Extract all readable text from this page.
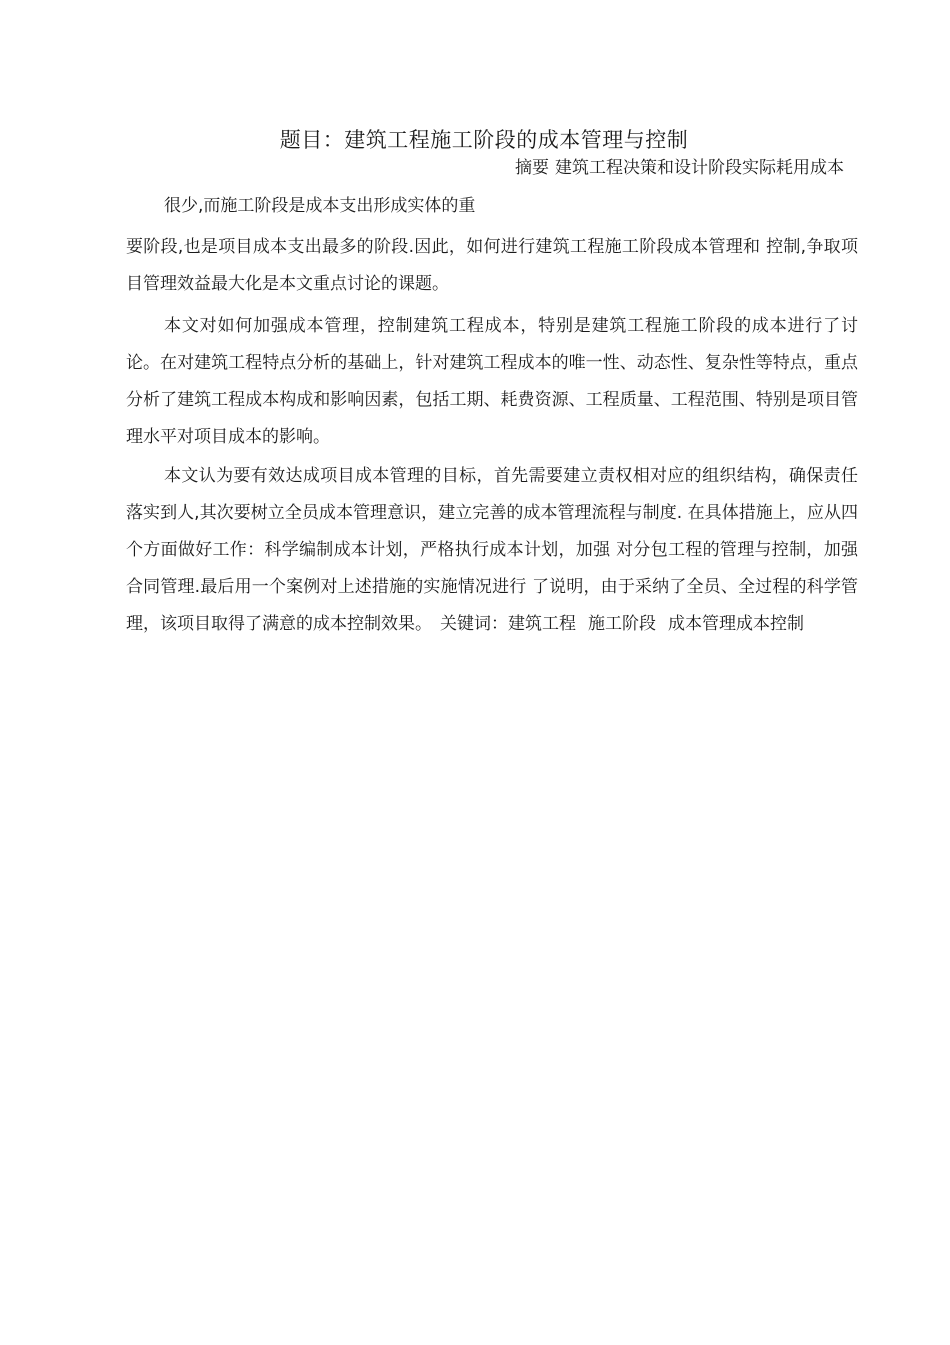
题目：建筑工程施工阶段的成本管理与控制
摘要 建筑工程决策和设计阶段实际耗用成本

很少,而施工阶段是成本支出形成实体的重

要阶段,也是项目成本支出最多的阶段.因此，如何进行建筑工程施工阶段成本管理和 控制,争取项目管理效益最大化是本文重点讨论的课题。

本文对如何加强成本管理，控制建筑工程成本，特别是建筑工程施工阶段的成本进行了讨论。在对建筑工程特点分析的基础上，针对建筑工程成本的唯一性、动态性、复杂性等特点，重点分析了建筑工程成本构成和影响因素，包括工期、耗费资源、工程质量、工程范围、特别是项目管理水平对项目成本的影响。

本文认为要有效达成项目成本管理的目标，首先需要建立责权相对应的组织结构，确保责任落实到人,其次要树立全员成本管理意识，建立完善的成本管理流程与制度. 在具体措施上，应从四个方面做好工作：科学编制成本计划，严格执行成本计划，加强 对分包工程的管理与控制，加强合同管理.最后用一个案例对上述措施的实施情况进行 了说明，由于采纳了全员、全过程的科学管理，该项目取得了满意的成本控制效果。 关键词：建筑工程 施工阶段 成本管理成本控制
